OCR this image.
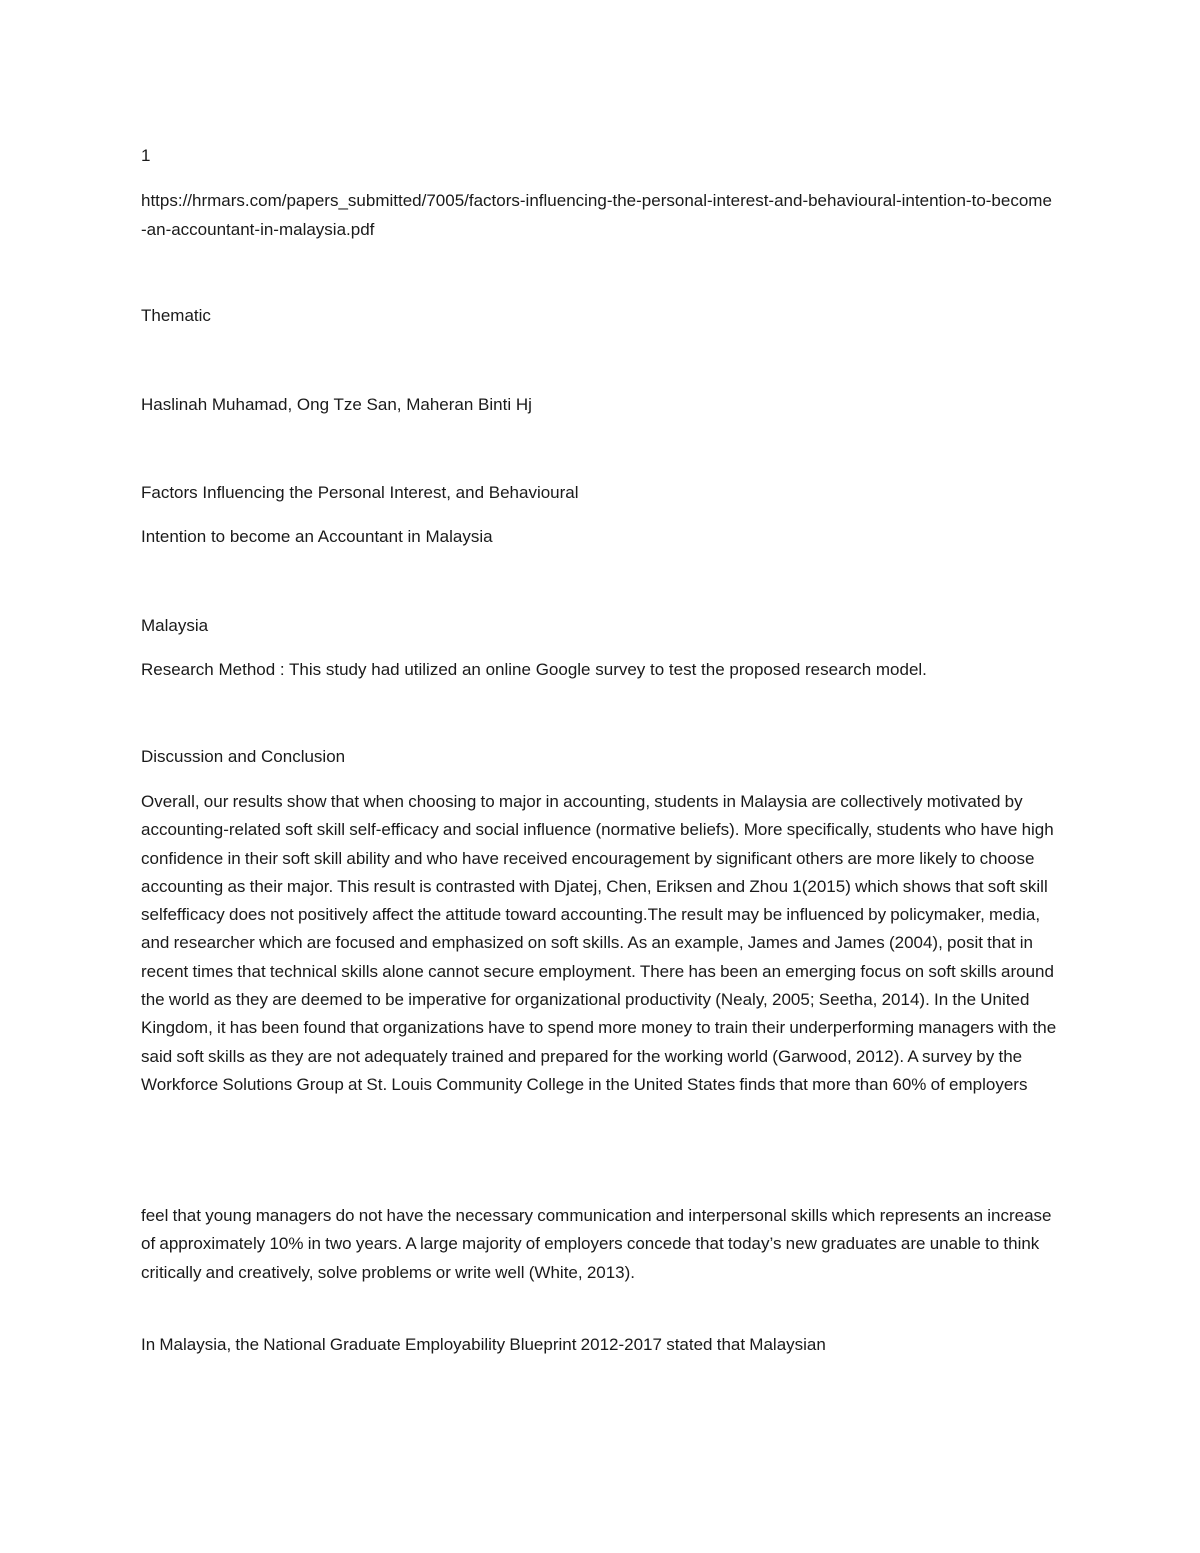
1

https://hrmars.com/papers_submitted/7005/factors-influencing-the-personal-interest-and-behavioural-intention-to-become-an-accountant-in-malaysia.pdf

Thematic

Haslinah Muhamad, Ong Tze San, Maheran Binti Hj

Factors Influencing the Personal Interest, and Behavioural

Intention to become an Accountant in Malaysia

Malaysia

Research Method : This study had utilized an online Google survey to test the proposed research model.

Discussion and Conclusion

Overall, our results show that when choosing to major in accounting, students in Malaysia are collectively motivated by accounting-related soft skill self-efficacy and social influence (normative beliefs). More specifically, students who have high confidence in their soft skill ability and who have received encouragement by significant others are more likely to choose accounting as their major. This result is contrasted with Djatej, Chen, Eriksen and Zhou 1(2015) which shows that soft skill selfefficacy does not positively affect the attitude toward accounting.The result may be influenced by policymaker, media, and researcher which are focused and emphasized on soft skills. As an example, James and James (2004), posit that in recent times that technical skills alone cannot secure employment. There has been an emerging focus on soft skills around the world as they are deemed to be imperative for organizational productivity (Nealy, 2005; Seetha, 2014). In the United Kingdom, it has been found that organizations have to spend more money to train their underperforming managers with the said soft skills as they are not adequately trained and prepared for the working world (Garwood, 2012). A survey by the Workforce Solutions Group at St. Louis Community College in the United States finds that more than 60% of employers

feel that young managers do not have the necessary communication and interpersonal skills which represents an increase of approximately 10% in two years. A large majority of employers concede that today’s new graduates are unable to think critically and creatively, solve problems or write well (White, 2013).

In Malaysia, the National Graduate Employability Blueprint 2012-2017 stated that Malaysian
